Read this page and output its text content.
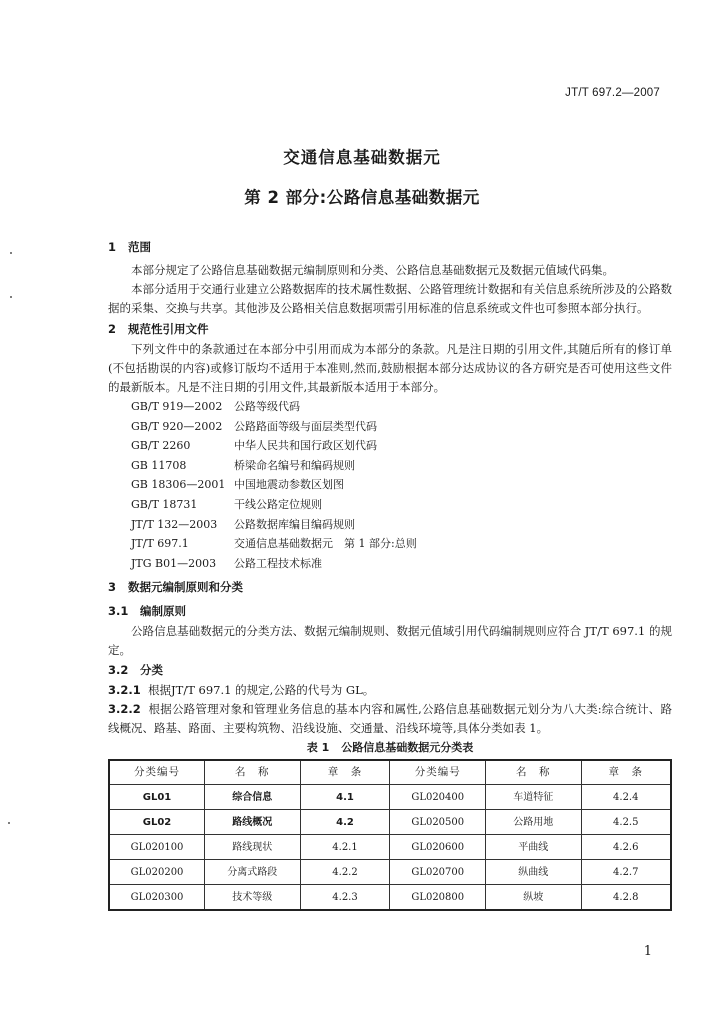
JT/T 697.2—2007
交通信息基础数据元
第 2 部分:公路信息基础数据元
1 范围

本部分规定了公路信息基础数据元编制原则和分类、公路信息基础数据元及数据元值域代码集。

本部分适用于交通行业建立公路数据库的技术属性数据、公路管理统计数据和有关信息系统所涉及的公路数据的采集、交换与共享。其他涉及公路相关信息数据项需引用标准的信息系统或文件也可参照本部分执行。

2 规范性引用文件

下列文件中的条款通过在本部分中引用而成为本部分的条款。凡是注日期的引用文件,其随后所有的修订单(不包括勘误的内容)或修订版均不适用于本准则,然而,鼓励根据本部分达成协议的各方研究是否可使用这些文件的最新版本。凡是不注日期的引用文件,其最新版本适用于本部分。

GB/T 919—2002	公路等级代码
GB/T 920—2002	公路路面等级与面层类型代码
GB/T 2260	中华人民共和国行政区划代码
GB 11708	桥梁命名编号和编码规则
GB 18306—2001 中国地震动参数区划图
GB/T 18731	干线公路定位规则
JT/T 132—2003	公路数据库编目编码规则
JT/T 697.1	交通信息基础数据元　第 1 部分:总则
JTG B01—2003	公路工程技术标准
3 数据元编制原则和分类
3.1 编制原则

公路信息基础数据元的分类方法、数据元编制规则、数据元值域引用代码编制规则应符合 JT/T 697.1 的规定。

3.2 分类

3.2.1 根据JT/T 697.1 的规定,公路的代号为 GL。

3.2.2 根据公路管理对象和管理业务信息的基本内容和属性,公路信息基础数据元划分为八大类:综合统计、路线概况、路基、路面、主要构筑物、沿线设施、交通量、沿线环境等,具体分类如表 1。

表 1 公路信息基础数据元分类表
分类编号	名　称	章　条	分类编号	名　称	章　条
GL01	综合信息	4.1	GL020400	车道特征	4.2.4
GL02	路线概况	4.2	GL020500	公路用地	4.2.5
GL020100	路线现状	4.2.1	GL020600	平曲线	4.2.6
GL020200	分离式路段	4.2.2	GL020700	纵曲线	4.2.7
GL020300	技术等级	4.2.3	GL020800	纵坡	4.2.8
1
